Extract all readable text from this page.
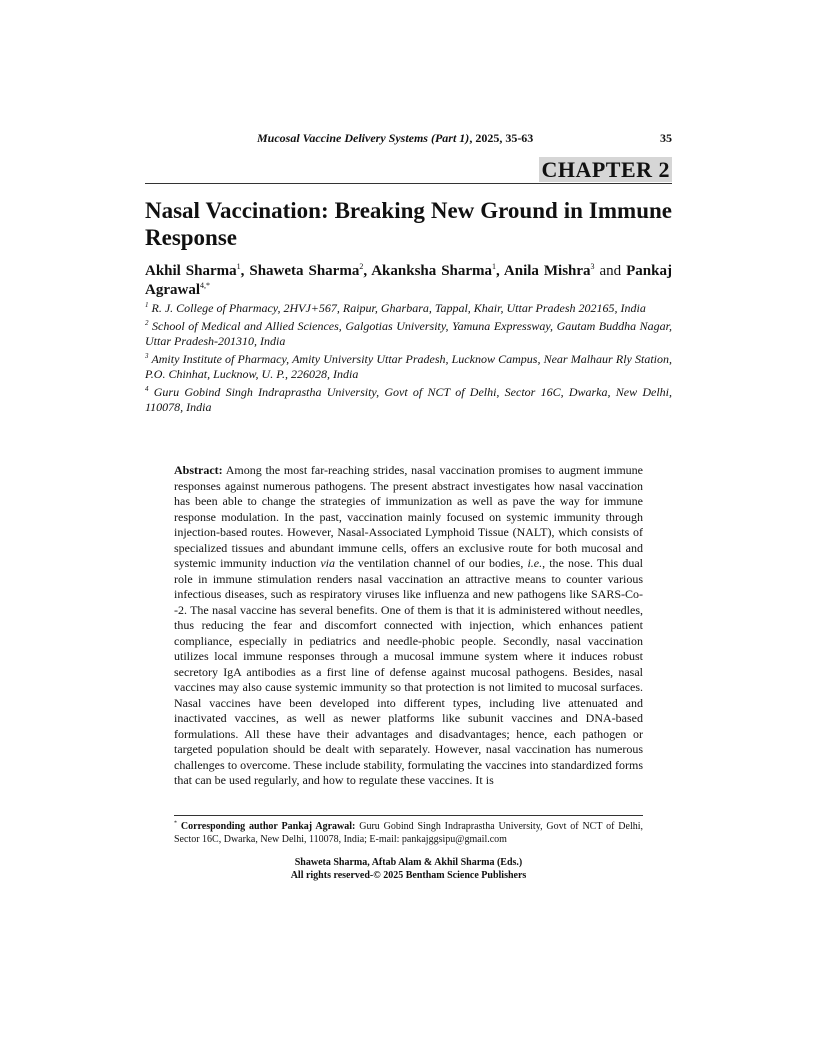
Mucosal Vaccine Delivery Systems (Part 1), 2025, 35-63	35
CHAPTER 2
Nasal Vaccination: Breaking New Ground in Immune Response
Akhil Sharma$^1$, Shaweta Sharma$^2$, Akanksha Sharma$^1$, Anila Mishra$^3$ and Pankaj Agrawal$^{4,*}$
$^1$ R. J. College of Pharmacy, 2HVJ+567, Raipur, Gharbara, Tappal, Khair, Uttar Pradesh 202165, India
$^2$ School of Medical and Allied Sciences, Galgotias University, Yamuna Expressway, Gautam Buddha Nagar, Uttar Pradesh-201310, India
$^3$ Amity Institute of Pharmacy, Amity University Uttar Pradesh, Lucknow Campus, Near Malhaur Rly Station, P.O. Chinhat, Lucknow, U. P., 226028, India
$^4$ Guru Gobind Singh Indraprastha University, Govt of NCT of Delhi, Sector 16C, Dwarka, New Delhi, 110078, India
Abstract: Among the most far-reaching strides, nasal vaccination promises to augment immune responses against numerous pathogens. The present abstract investigates how nasal vaccination has been able to change the strategies of immunization as well as pave the way for immune response modulation. In the past, vaccination mainly focused on systemic immunity through injection-based routes. However, Nasal-Associated Lymphoid Tissue (NALT), which consists of specialized tissues and abundant immune cells, offers an exclusive route for both mucosal and systemic immunity induction via the ventilation channel of our bodies, i.e., the nose. This dual role in immune stimulation renders nasal vaccination an attractive means to counter various infectious diseases, such as respiratory viruses like influenza and new pathogens like SARS-Co--2. The nasal vaccine has several benefits. One of them is that it is administered without needles, thus reducing the fear and discomfort connected with injection, which enhances patient compliance, especially in pediatrics and needle-phobic people. Secondly, nasal vaccination utilizes local immune responses through a mucosal immune system where it induces robust secretory IgA antibodies as a first line of defense against mucosal pathogens. Besides, nasal vaccines may also cause systemic immunity so that protection is not limited to mucosal surfaces. Nasal vaccines have been developed into different types, including live attenuated and inactivated vaccines, as well as newer platforms like subunit vaccines and DNA-based formulations. All these have their advantages and disadvantages; hence, each pathogen or targeted population should be dealt with separately. However, nasal vaccination has numerous challenges to overcome. These include stability, formulating the vaccines into standardized forms that can be used regularly, and how to regulate these vaccines. It is
* Corresponding author Pankaj Agrawal: Guru Gobind Singh Indraprastha University, Govt of NCT of Delhi, Sector 16C, Dwarka, New Delhi, 110078, India; E-mail: pankajggsipu@gmail.com
Shaweta Sharma, Aftab Alam & Akhil Sharma (Eds.)
All rights reserved-© 2025 Bentham Science Publishers
